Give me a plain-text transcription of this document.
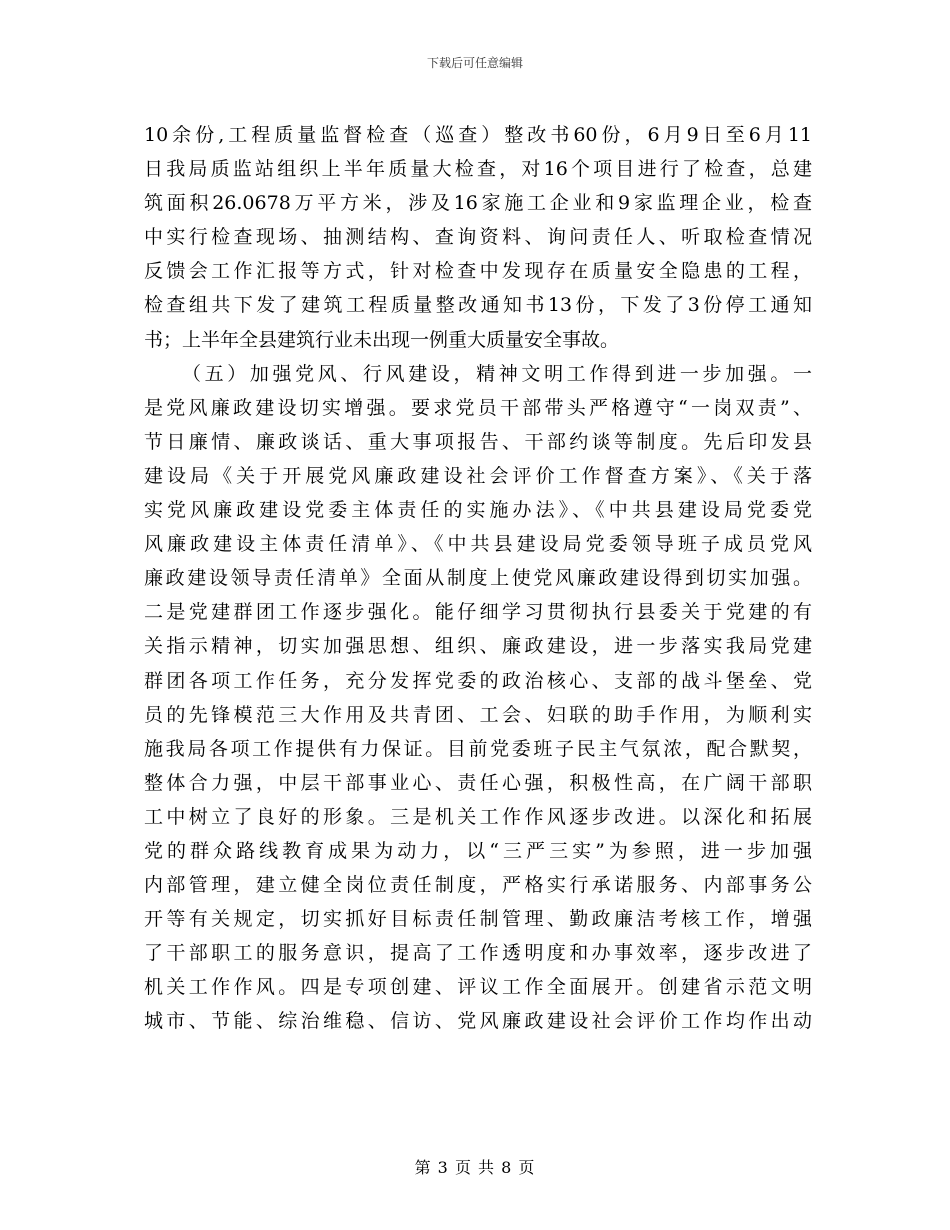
下载后可任意编辑
10余份,工程质量监督检查（巡查）整改书60份，6月9日至6月11
日我局质监站组织上半年质量大检查，对16个项目进行了检查，总建
筑面积26.0678万平方米，涉及16家施工企业和9家监理企业，检查
中实行检查现场、抽测结构、查询资料、询问责任人、听取检查情况
反馈会工作汇报等方式，针对检查中发现存在质量安全隐患的工程，
检查组共下发了建筑工程质量整改通知书13份，下发了3份停工通知
书；上半年全县建筑行业未出现一例重大质量安全事故。
（五）加强党风、行风建设，精神文明工作得到进一步加强。一
是党风廉政建设切实增强。要求党员干部带头严格遵守“一岗双责”、
节日廉情、廉政谈话、重大事项报告、干部约谈等制度。先后印发县
建设局《关于开展党风廉政建设社会评价工作督查方案》、《关于落
实党风廉政建设党委主体责任的实施办法》、《中共县建设局党委党
风廉政建设主体责任清单》、《中共县建设局党委领导班子成员党风
廉政建设领导责任清单》全面从制度上使党风廉政建设得到切实加强。
二是党建群团工作逐步强化。能仔细学习贯彻执行县委关于党建的有
关指示精神，切实加强思想、组织、廉政建设，进一步落实我局党建
群团各项工作任务，充分发挥党委的政治核心、支部的战斗堡垒、党
员的先锋模范三大作用及共青团、工会、妇联的助手作用，为顺利实
施我局各项工作提供有力保证。目前党委班子民主气氛浓，配合默契，
整体合力强，中层干部事业心、责任心强，积极性高，在广阔干部职
工中树立了良好的形象。三是机关工作作风逐步改进。以深化和拓展
党的群众路线教育成果为动力，以“三严三实”为参照，进一步加强
内部管理，建立健全岗位责任制度，严格实行承诺服务、内部事务公
开等有关规定，切实抓好目标责任制管理、勤政廉洁考核工作，增强
了干部职工的服务意识，提高了工作透明度和办事效率，逐步改进了
机关工作作风。四是专项创建、评议工作全面展开。创建省示范文明
城市、节能、综治维稳、信访、党风廉政建设社会评价工作均作出动
第 3 页 共 8 页
